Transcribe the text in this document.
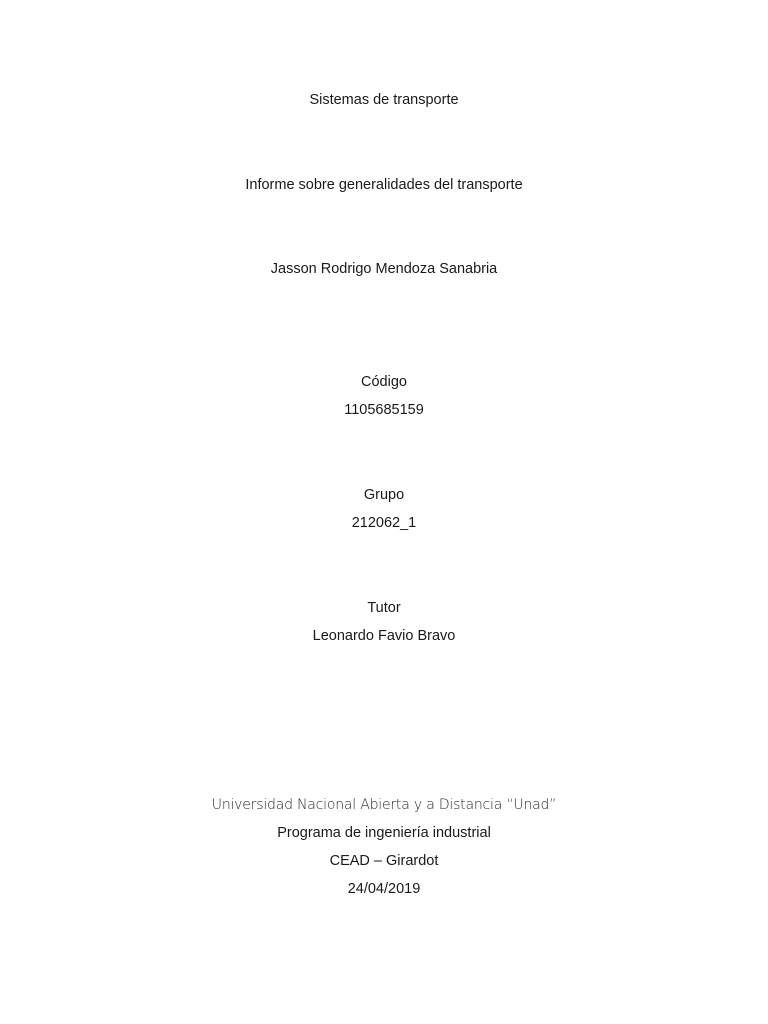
Sistemas de transporte

Informe sobre generalidades del transporte

Jasson Rodrigo Mendoza Sanabria

Código

1105685159

Grupo

212062_1

Tutor

Leonardo Favio Bravo

Universidad Nacional Abierta y a Distancia “Unad”

Programa de ingeniería industrial

CEAD – Girardot

24/04/2019
